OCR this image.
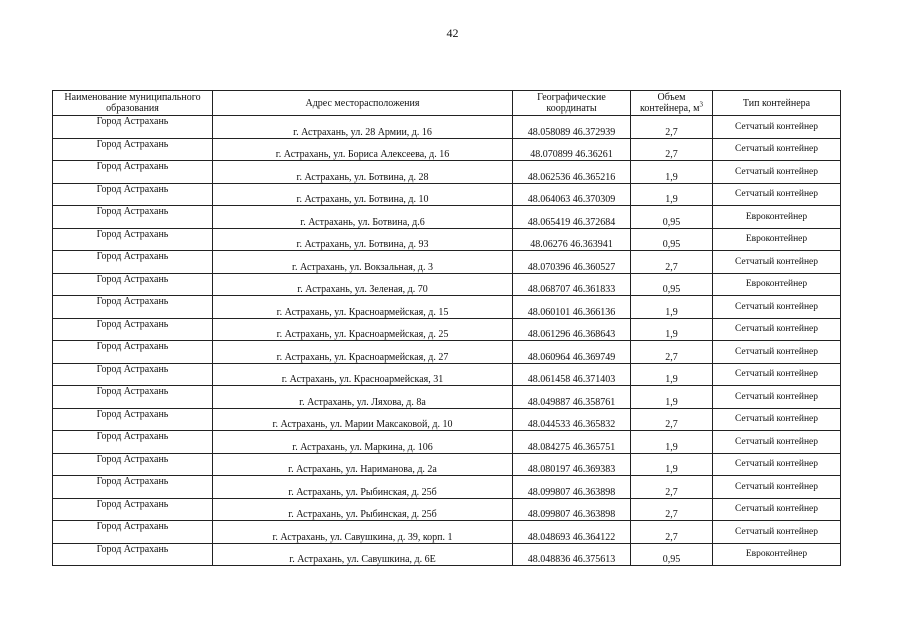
42
Наименование муниципального образования	Адрес месторасположения	Географические координаты	Объем контейнера, $м^3$	Тип контейнера
Город Астрахань	г. Астрахань, ул. 28 Армии, д. 16	48.058089 46.372939	2,7	Сетчатый контейнер
Город Астрахань	г. Астрахань, ул. Бориса Алексеева, д. 16	48.070899 46.36261	2,7	Сетчатый контейнер
Город Астрахань	г. Астрахань, ул. Ботвина, д. 28	48.062536 46.365216	1,9	Сетчатый контейнер
Город Астрахань	г. Астрахань, ул. Ботвина, д. 10	48.064063 46.370309	1,9	Сетчатый контейнер
Город Астрахань	г. Астрахань, ул. Ботвина, д.6	48.065419 46.372684	0,95	Евроконтейнер
Город Астрахань	г. Астрахань, ул. Ботвина, д. 93	48.06276 46.363941	0,95	Евроконтейнер
Город Астрахань	г. Астрахань, ул. Вокзальная, д. 3	48.070396 46.360527	2,7	Сетчатый контейнер
Город Астрахань	г. Астрахань, ул. Зеленая, д. 70	48.068707 46.361833	0,95	Евроконтейнер
Город Астрахань	г. Астрахань, ул. Красноармейская, д. 15	48.060101 46.366136	1,9	Сетчатый контейнер
Город Астрахань	г. Астрахань, ул. Красноармейская, д. 25	48.061296 46.368643	1,9	Сетчатый контейнер
Город Астрахань	г. Астрахань, ул. Красноармейская, д. 27	48.060964 46.369749	2,7	Сетчатый контейнер
Город Астрахань	г. Астрахань, ул. Красноармейская, 31	48.061458 46.371403	1,9	Сетчатый контейнер
Город Астрахань	г. Астрахань, ул. Ляхова, д. 8а	48.049887 46.358761	1,9	Сетчатый контейнер
Город Астрахань	г. Астрахань, ул. Марии Максаковой, д. 10	48.044533 46.365832	2,7	Сетчатый контейнер
Город Астрахань	г. Астрахань, ул. Маркина, д. 106	48.084275 46.365751	1,9	Сетчатый контейнер
Город Астрахань	г. Астрахань, ул. Нариманова, д. 2а	48.080197 46.369383	1,9	Сетчатый контейнер
Город Астрахань	г. Астрахань, ул. Рыбинская, д. 25б	48.099807 46.363898	2,7	Сетчатый контейнер
Город Астрахань	г. Астрахань, ул. Рыбинская, д. 25б	48.099807 46.363898	2,7	Сетчатый контейнер
Город Астрахань	г. Астрахань, ул. Савушкина, д. 39, корп. 1	48.048693 46.364122	2,7	Сетчатый контейнер
Город Астрахань	г. Астрахань, ул. Савушкина, д. 6Е	48.048836 46.375613	0,95	Евроконтейнер
